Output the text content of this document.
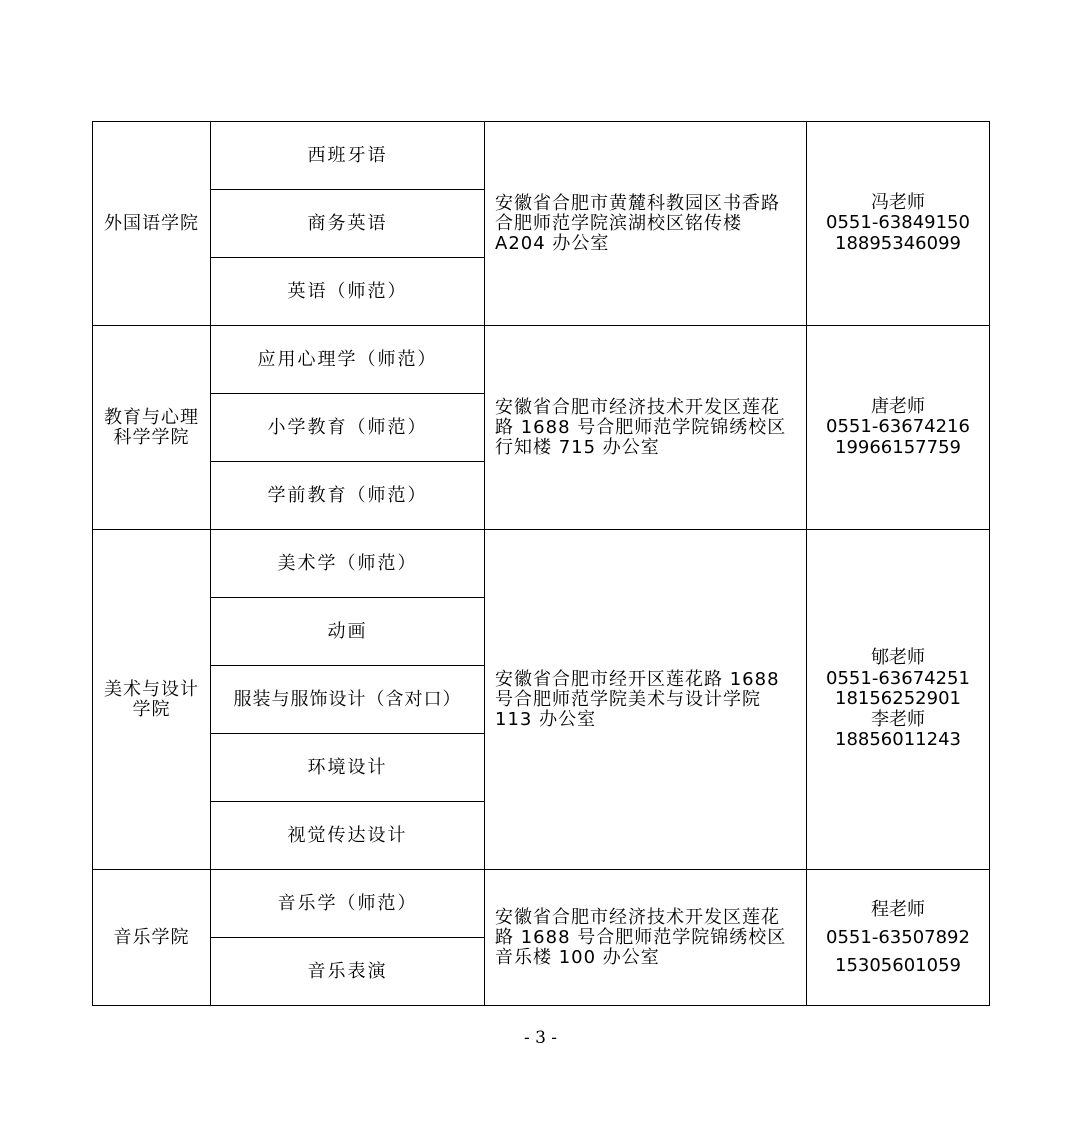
外国语学院	西班牙语	安徽省合肥市黄麓科教园区书香路合肥师范学院滨湖校区铭传楼 A204 办公室	冯老师
0551-63849150
18895346099

	商务英语		
	英语（师范）		
教育与心理科学学院	应用心理学（师范）	安徽省合肥市经济技术开发区莲花路 1688 号合肥师范学院锦绣校区行知楼 715 办公室	唐老师
0551-63674216
19966157759

	小学教育（师范）		
	学前教育（师范）		
美术与设计学院	美术学（师范）	安徽省合肥市经开区莲花路 1688 号合肥师范学院美术与设计学院 113 办公室	郇老师
0551-63674251
18156252901
李老师
18856011243

	动画		
	服装与服饰设计（含对口）		
	环境设计		
	视觉传达设计		
音乐学院	音乐学（师范）	安徽省合肥市经济技术开发区莲花路 1688 号合肥师范学院锦绣校区音乐楼 100 办公室	程老师
0551-63507892
15305601059

	音乐表演		
- 3 -
